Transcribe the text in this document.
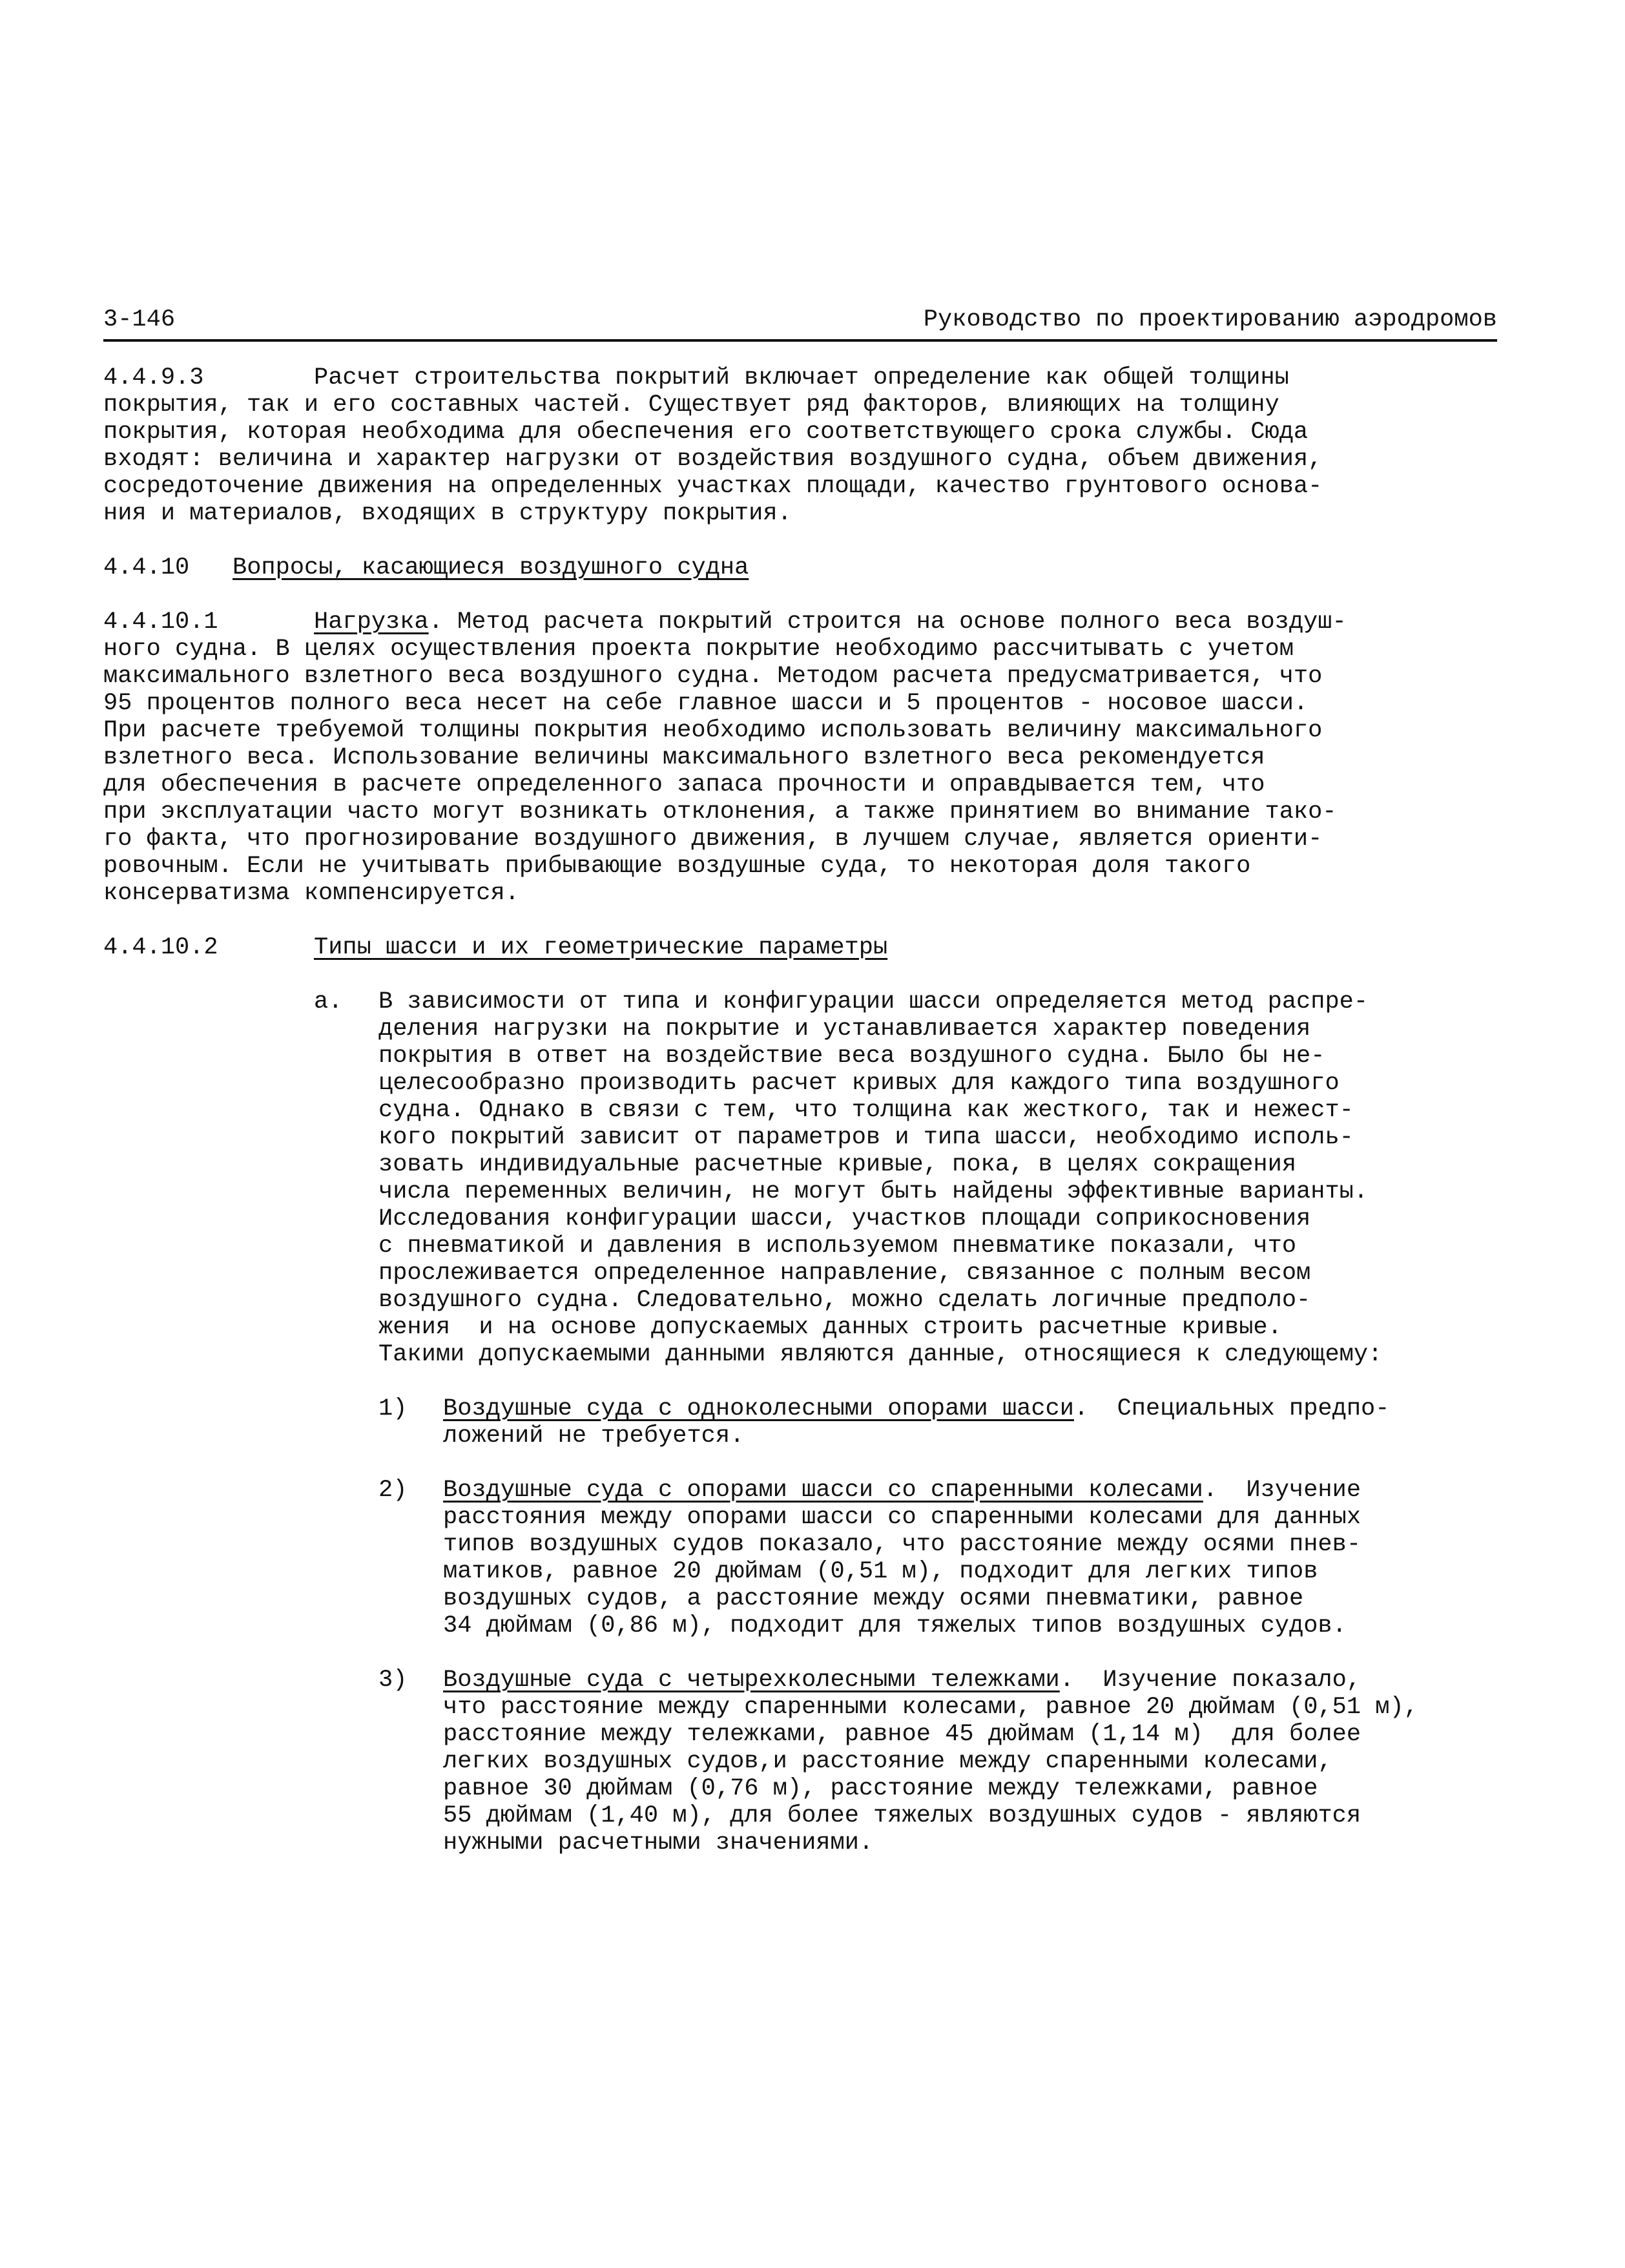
3-146	Руководство по проектированию аэродромов
4.4.9.3	Расчет строительства покрытий включает определение как общей толщины
покрытия, так и его составных частей. Существует ряд факторов, влияющих на толщину
покрытия, которая необходима для обеспечения его соответствующего срока службы. Сюда
входят: величина и характер нагрузки от воздействия воздушного судна, объем движения,
сосредоточение движения на определенных участках площади, качество грунтового основа-
ния и материалов, входящих в структуру покрытия.
4.4.10 Вопросы, касающиеся воздушного судна
4.4.10.1	Нагрузка. Метод расчета покрытий строится на основе полного веса воздуш-
ного судна. В целях осуществления проекта покрытие необходимо рассчитывать с учетом
максимального взлетного веса воздушного судна. Методом расчета предусматривается, что
95 процентов полного веса несет на себе главное шасси и 5 процентов - носовое шасси.
При расчете требуемой толщины покрытия необходимо использовать величину максимального
взлетного веса. Использование величины максимального взлетного веса рекомендуется
для обеспечения в расчете определенного запаса прочности и оправдывается тем, что
при эксплуатации часто могут возникать отклонения, а также принятием во внимание тако-
го факта, что прогнозирование воздушного движения, в лучшем случае, является ориенти-
ровочным. Если не учитывать прибывающие воздушные суда, то некоторая доля такого
консерватизма компенсируется.
4.4.10.2	Типы шасси и их геометрические параметры
a. В зависимости от типа и конфигурации шасси определяется метод распре-
деления нагрузки на покрытие и устанавливается характер поведения
покрытия в ответ на воздействие веса воздушного судна. Было бы не-
целесообразно производить расчет кривых для каждого типа воздушного
судна. Однако в связи с тем, что толщина как жесткого, так и нежест-
кого покрытий зависит от параметров и типа шасси, необходимо исполь-
зовать индивидуальные расчетные кривые, пока, в целях сокращения
числа переменных величин, не могут быть найдены эффективные варианты.
Исследования конфигурации шасси, участков площади соприкосновения
с пневматикой и давления в используемом пневматике показали, что
прослеживается определенное направление, связанное с полным весом
воздушного судна. Следовательно, можно сделать логичные предполо-
жения  и на основе допускаемых данных строить расчетные кривые.
Такими допускаемыми данными являются данные, относящиеся к следующему:
1) Воздушные суда с одноколесными опорами шасси.  Специальных предпо-
ложений не требуется.
2) Воздушные суда с опорами шасси со спаренными колесами.  Изучение
расстояния между опорами шасси со спаренными колесами для данных
типов воздушных судов показало, что расстояние между осями пнев-
матиков, равное 20 дюймам (0,51 м), подходит для легких типов
воздушных судов, а расстояние между осями пневматики, равное
34 дюймам (0,86 м), подходит для тяжелых типов воздушных судов.
3) Воздушные суда с четырехколесными тележками.  Изучение показало,
что расстояние между спаренными колесами, равное 20 дюймам (0,51 м),
расстояние между тележками, равное 45 дюймам (1,14 м)  для более
легких воздушных судов,и расстояние между спаренными колесами,
равное 30 дюймам (0,76 м), расстояние между тележками, равное
55 дюймам (1,40 м), для более тяжелых воздушных судов - являются
нужными расчетными значениями.
